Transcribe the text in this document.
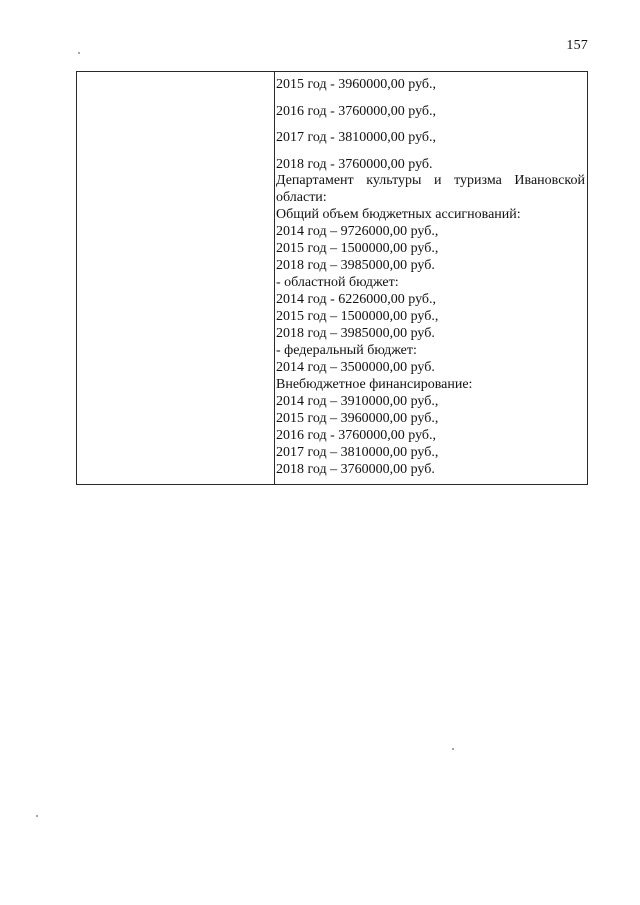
157
2015 год - 3960000,00 руб.,
2016 год - 3760000,00 руб.,
2017 год - 3810000,00 руб.,
2018 год - 3760000,00 руб.
Департамент культуры и туризма Ивановской
области:
Общий объем бюджетных ассигнований:
2014 год – 9726000,00 руб.,
2015 год – 1500000,00 руб.,
2018 год – 3985000,00 руб.
- областной бюджет:
2014 год - 6226000,00 руб.,
2015 год – 1500000,00 руб.,
2018 год – 3985000,00 руб.
- федеральный бюджет:
2014 год – 3500000,00 руб.
Внебюджетное финансирование:
2014 год – 3910000,00 руб.,
2015 год – 3960000,00 руб.,
2016 год - 3760000,00 руб.,
2017 год – 3810000,00 руб.,
2018 год – 3760000,00 руб.
